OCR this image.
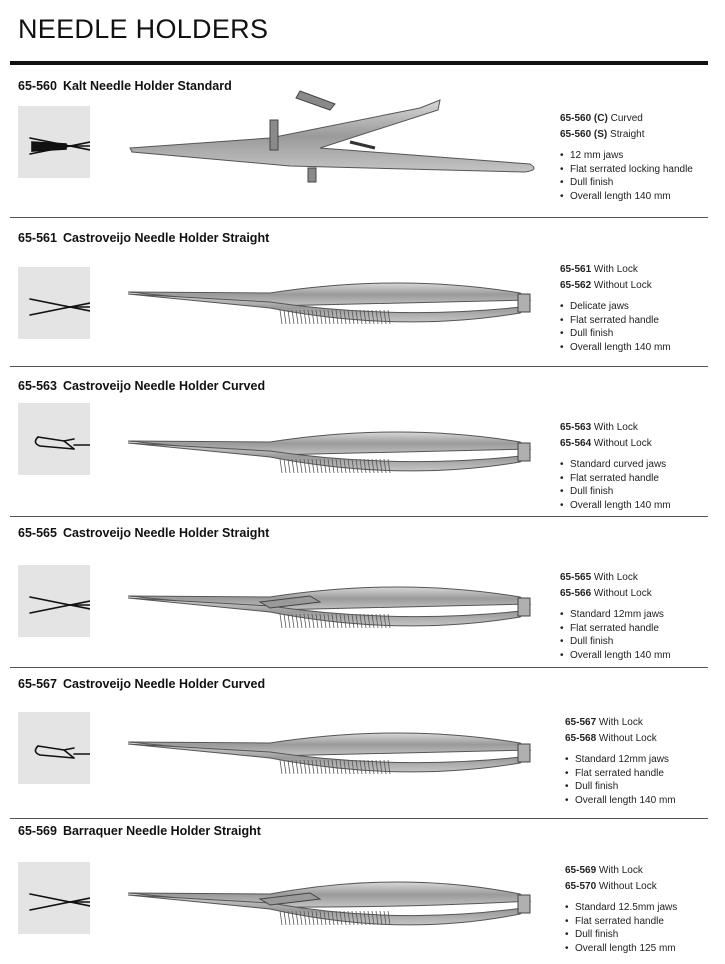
NEEDLE HOLDERS
65-560 Kalt Needle Holder Standard
65-560 (C) Curved
65-560 (S) Straight
• 12 mm jaws
• Flat serrated locking handle
• Dull finish
• Overall length 140 mm
65-561 Castroveijo Needle Holder Straight
65-561 With Lock
65-562 Without Lock
• Delicate jaws
• Flat serrated handle
• Dull finish
• Overall length 140 mm
65-563 Castroveijo Needle Holder Curved
65-563 With Lock
65-564 Without Lock
• Standard curved jaws
• Flat serrated handle
• Dull finish
• Overall length 140 mm
65-565 Castroveijo Needle Holder Straight
65-565 With Lock
65-566 Without Lock
• Standard 12mm jaws
• Flat serrated handle
• Dull finish
• Overall length 140 mm
65-567 Castroveijo Needle Holder Curved
65-567 With Lock
65-568 Without Lock
• Standard 12mm jaws
• Flat serrated handle
• Dull finish
• Overall length 140 mm
65-569 Barraquer Needle Holder Straight
65-569 With Lock
65-570 Without Lock
• Standard 12.5mm jaws
• Flat serrated handle
• Dull finish
• Overall length 125 mm
